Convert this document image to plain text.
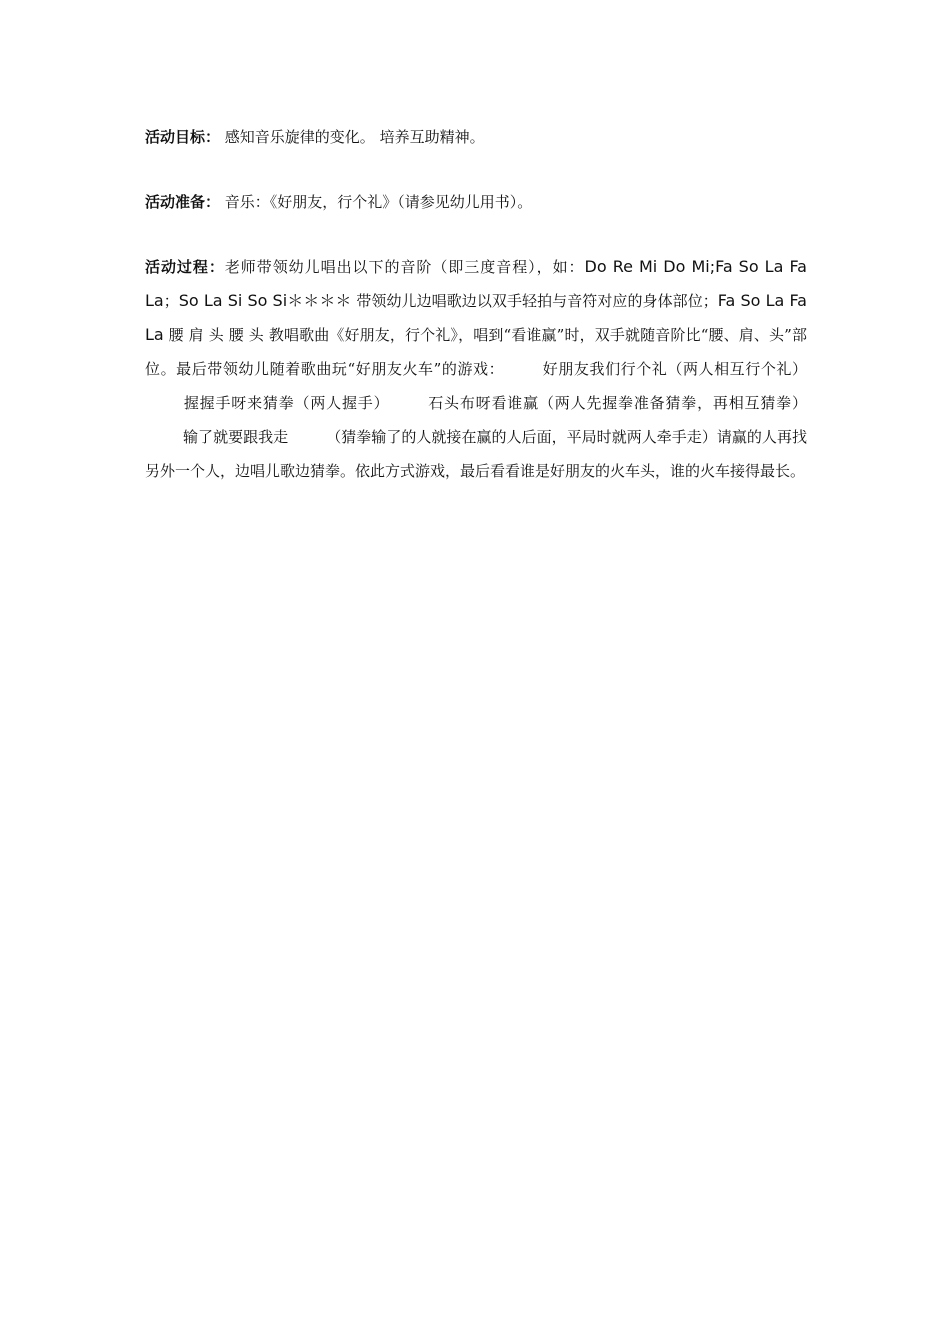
活动目标： 感知音乐旋律的变化。 培养互助精神。

活动准备： 音乐：《好朋友，行个礼》（请参见幼儿用书）。

活动过程：老师带领幼儿唱出以下的音阶（即三度音程），如：Do Re Mi Do Mi;Fa So La Fa La；So La Si So Si＊＊＊＊ 带领幼儿边唱歌边以双手轻拍与音符对应的身体部位；Fa So La Fa La 腰 肩 头 腰 头 教唱歌曲《好朋友，行个礼》，唱到“看谁赢”时，双手就随音阶比“腰、肩、头”部位。最后带领幼儿随着歌曲玩“好朋友火车”的游戏：	好朋友我们行个礼（两人相互行个礼）握握手呀来猜拳（两人握手）	石头布呀看谁赢（两人先握拳准备猜拳，再相互猜拳）输了就要跟我走	（猜拳输了的人就接在赢的人后面，平局时就两人牵手走）请赢的人再找另外一个人，边唱儿歌边猜拳。依此方式游戏，最后看看谁是好朋友的火车头，谁的火车接得最长。
